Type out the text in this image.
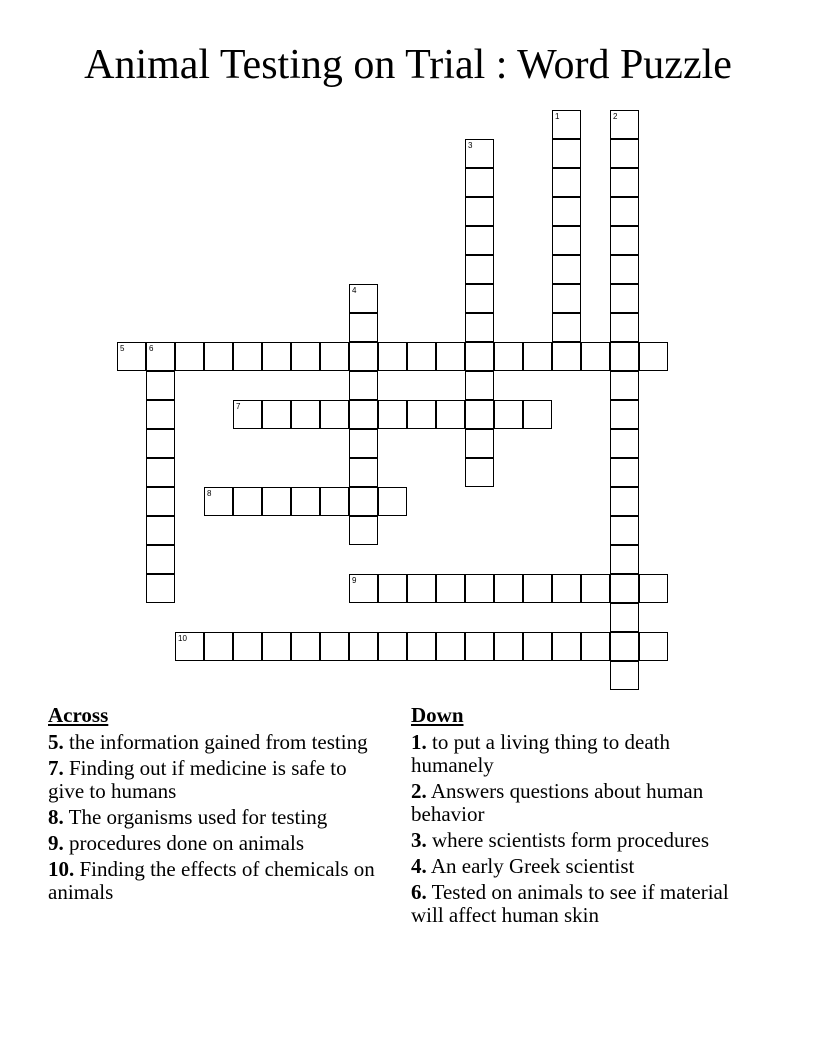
Animal Testing on Trial : Word Puzzle
1	2
3
4
5	6
7
8
9
10
Across
5. the information gained from testing
7. Finding out if medicine is safe to give to humans
8. The organisms used for testing
9. procedures done on animals
10. Finding the effects of chemicals on animals
Down
1. to put a living thing to death humanely
2. Answers questions about human behavior
3. where scientists form procedures
4. An early Greek scientist
6. Tested on animals to see if material will affect human skin
